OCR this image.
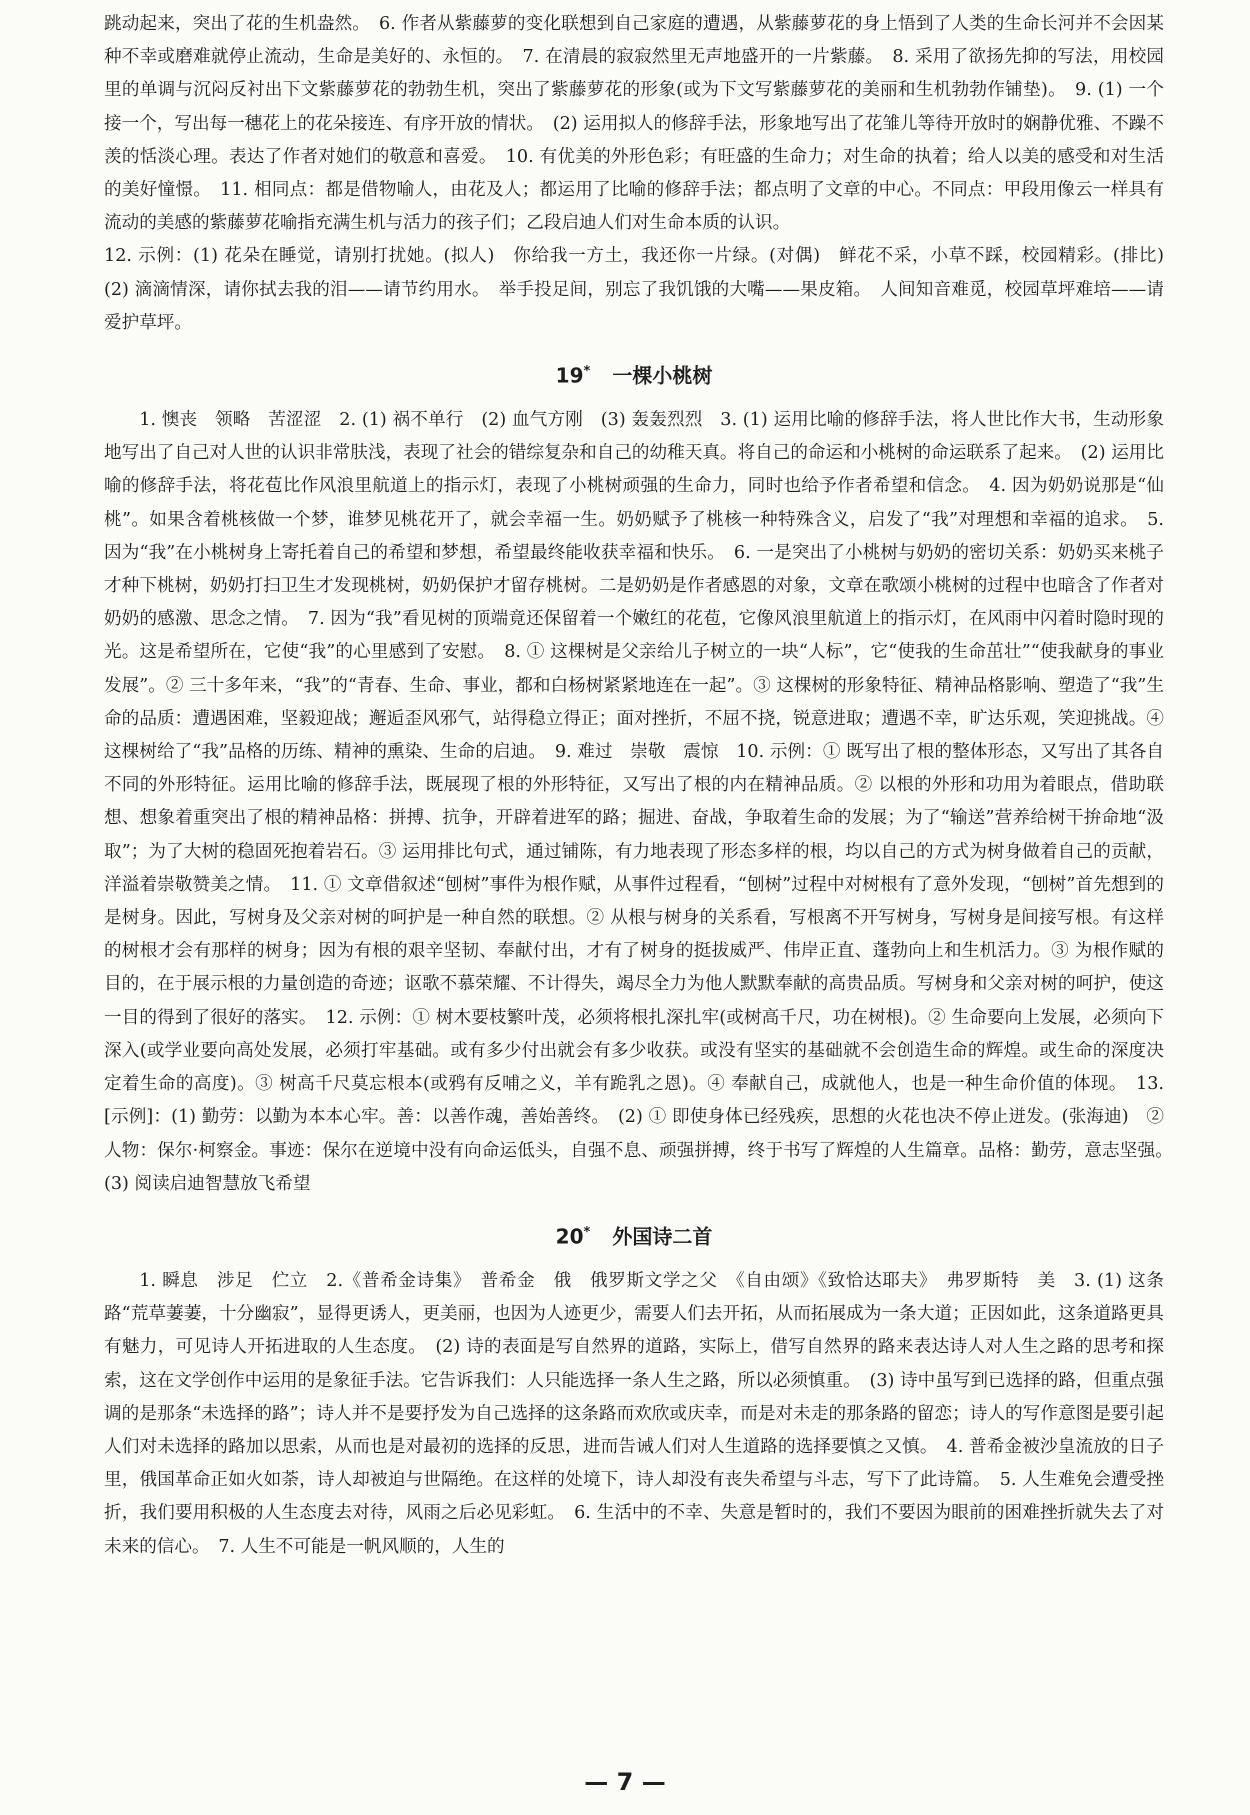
跳动起来，突出了花的生机盎然。　6. 作者从紫藤萝的变化联想到自己家庭的遭遇，从紫藤萝花的身上悟到了人类的生命长河并不会因某种不幸或磨难就停止流动，生命是美好的、永恒的。　7. 在清晨的寂寂然里无声地盛开的一片紫藤。　8. 采用了欲扬先抑的写法，用校园里的单调与沉闷反衬出下文紫藤萝花的勃勃生机，突出了紫藤萝花的形象(或为下文写紫藤萝花的美丽和生机勃勃作铺垫)。　9. (1) 一个接一个，写出每一穗花上的花朵接连、有序开放的情状。　(2) 运用拟人的修辞手法，形象地写出了花雏儿等待开放时的娴静优雅、不躁不羡的恬淡心理。表达了作者对她们的敬意和喜爱。　10. 有优美的外形色彩；有旺盛的生命力；对生命的执着；给人以美的感受和对生活的美好憧憬。　11. 相同点：都是借物喻人，由花及人；都运用了比喻的修辞手法；都点明了文章的中心。不同点：甲段用像云一样具有流动的美感的紫藤萝花喻指充满生机与活力的孩子们；乙段启迪人们对生命本质的认识。

12. 示例：(1) 花朵在睡觉，请别打扰她。(拟人)　你给我一方土，我还你一片绿。(对偶)　鲜花不采，小草不踩，校园精彩。(排比)　(2) 滴滴情深，请你拭去我的泪——请节约用水。　举手投足间，别忘了我饥饿的大嘴——果皮箱。　人间知音难觅，校园草坪难培——请爱护草坪。

19* 一棵小桃树

1. 懊丧　领略　苦涩涩　2. (1) 祸不单行　(2) 血气方刚　(3) 轰轰烈烈　3. (1) 运用比喻的修辞手法，将人世比作大书，生动形象地写出了自己对人世的认识非常肤浅，表现了社会的错综复杂和自己的幼稚天真。将自己的命运和小桃树的命运联系了起来。　(2) 运用比喻的修辞手法，将花苞比作风浪里航道上的指示灯，表现了小桃树顽强的生命力，同时也给予作者希望和信念。　4. 因为奶奶说那是“仙桃”。如果含着桃核做一个梦，谁梦见桃花开了，就会幸福一生。奶奶赋予了桃核一种特殊含义，启发了“我”对理想和幸福的追求。　5. 因为“我”在小桃树身上寄托着自己的希望和梦想，希望最终能收获幸福和快乐。　6. 一是突出了小桃树与奶奶的密切关系：奶奶买来桃子才种下桃树，奶奶打扫卫生才发现桃树，奶奶保护才留存桃树。二是奶奶是作者感恩的对象，文章在歌颂小桃树的过程中也暗含了作者对奶奶的感激、思念之情。　7. 因为“我”看见树的顶端竟还保留着一个嫩红的花苞，它像风浪里航道上的指示灯，在风雨中闪着时隐时现的光。这是希望所在，它使“我”的心里感到了安慰。　8. ① 这棵树是父亲给儿子树立的一块“人标”，它“使我的生命茁壮”“使我献身的事业发展”。② 三十多年来，“我”的“青春、生命、事业，都和白杨树紧紧地连在一起”。③ 这棵树的形象特征、精神品格影响、塑造了“我”生命的品质：遭遇困难，坚毅迎战；邂逅歪风邪气，站得稳立得正；面对挫折，不屈不挠，锐意进取；遭遇不幸，旷达乐观，笑迎挑战。④ 这棵树给了“我”品格的历练、精神的熏染、生命的启迪。　9. 难过　崇敬　震惊　10. 示例：① 既写出了根的整体形态，又写出了其各自不同的外形特征。运用比喻的修辞手法，既展现了根的外形特征，又写出了根的内在精神品质。② 以根的外形和功用为着眼点，借助联想、想象着重突出了根的精神品格：拼搏、抗争，开辟着进军的路；掘进、奋战，争取着生命的发展；为了“输送”营养给树干拚命地“汲取”；为了大树的稳固死抱着岩石。③ 运用排比句式，通过铺陈，有力地表现了形态多样的根，均以自己的方式为树身做着自己的贡献，洋溢着崇敬赞美之情。　11. ① 文章借叙述“刨树”事件为根作赋，从事件过程看，“刨树”过程中对树根有了意外发现，“刨树”首先想到的是树身。因此，写树身及父亲对树的呵护是一种自然的联想。② 从根与树身的关系看，写根离不开写树身，写树身是间接写根。有这样的树根才会有那样的树身；因为有根的艰辛坚韧、奉献付出，才有了树身的挺拔威严、伟岸正直、蓬勃向上和生机活力。③ 为根作赋的目的，在于展示根的力量创造的奇迹；讴歌不慕荣耀、不计得失，竭尽全力为他人默默奉献的高贵品质。写树身和父亲对树的呵护，使这一目的得到了很好的落实。　12. 示例：① 树木要枝繁叶茂，必须将根扎深扎牢(或树高千尺，功在树根)。② 生命要向上发展，必须向下深入(或学业要向高处发展，必须打牢基础。或有多少付出就会有多少收获。或没有坚实的基础就不会创造生命的辉煌。或生命的深度决定着生命的高度)。③ 树高千尺莫忘根本(或鸦有反哺之义，羊有跪乳之恩)。④ 奉献自己，成就他人，也是一种生命价值的体现。　13. [示例]：(1) 勤劳：以勤为本本心牢。善：以善作魂，善始善终。　(2) ① 即使身体已经残疾，思想的火花也决不停止迸发。(张海迪)　② 人物：保尔·柯察金。事迹：保尔在逆境中没有向命运低头，自强不息、顽强拼搏，终于书写了辉煌的人生篇章。品格：勤劳，意志坚强。　(3) 阅读启迪智慧放飞希望

20* 外国诗二首

1. 瞬息　涉足　伫立　2.《普希金诗集》　普希金　俄　俄罗斯文学之父　《自由颂》《致恰达耶夫》　弗罗斯特　美　3. (1) 这条路“荒草萋萋，十分幽寂”，显得更诱人，更美丽，也因为人迹更少，需要人们去开拓，从而拓展成为一条大道；正因如此，这条道路更具有魅力，可见诗人开拓进取的人生态度。　(2) 诗的表面是写自然界的道路，实际上，借写自然界的路来表达诗人对人生之路的思考和探索，这在文学创作中运用的是象征手法。它告诉我们：人只能选择一条人生之路，所以必须慎重。　(3) 诗中虽写到已选择的路，但重点强调的是那条“未选择的路”；诗人并不是要抒发为自己选择的这条路而欢欣或庆幸，而是对未走的那条路的留恋；诗人的写作意图是要引起人们对未选择的路加以思索，从而也是对最初的选择的反思，进而告诫人们对人生道路的选择要慎之又慎。　4. 普希金被沙皇流放的日子里，俄国革命正如火如荼，诗人却被迫与世隔绝。在这样的处境下，诗人却没有丧失希望与斗志，写下了此诗篇。　5. 人生难免会遭受挫折，我们要用积极的人生态度去对待，风雨之后必见彩虹。　6. 生活中的不幸、失意是暂时的，我们不要因为眼前的困难挫折就失去了对未来的信心。　7. 人生不可能是一帆风顺的，人生的

— 7 —
